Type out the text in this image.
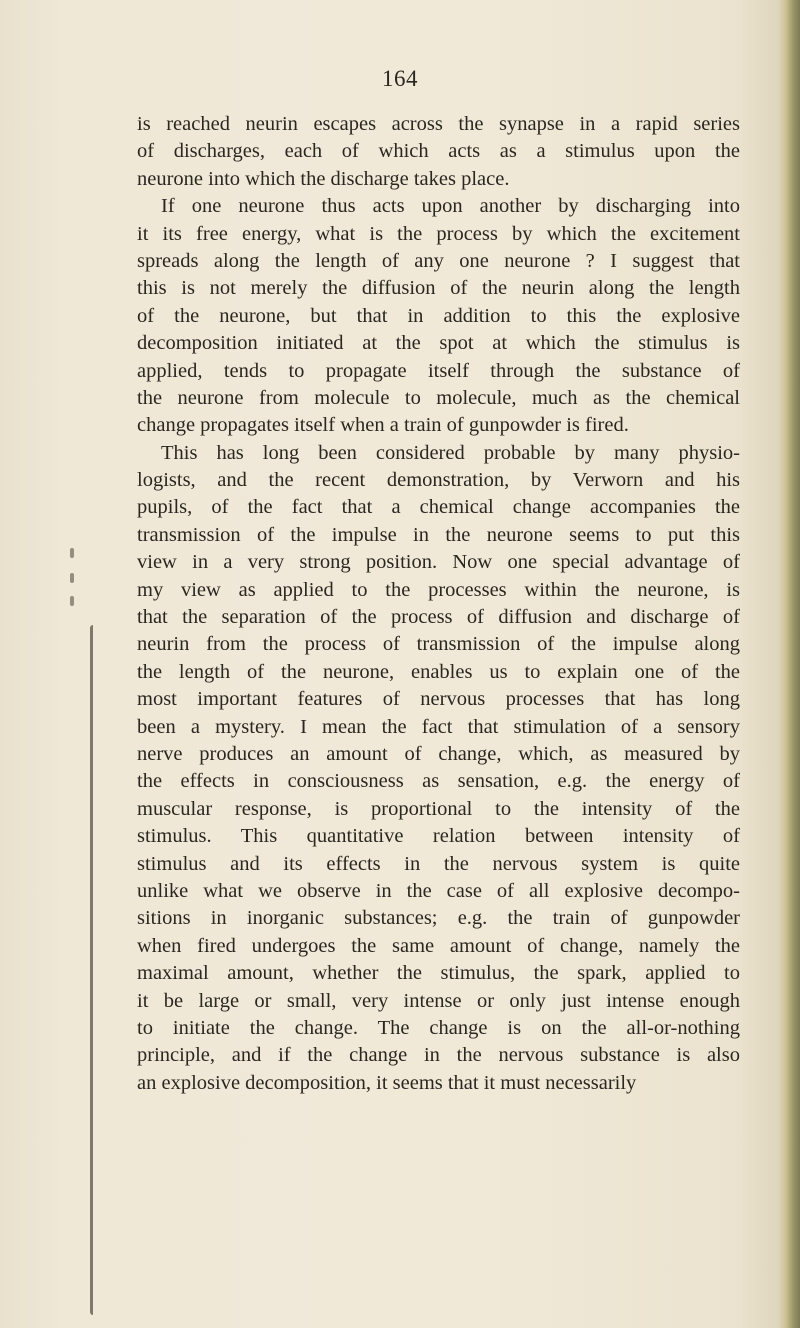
164
is reached neurin escapes across the synapse in a rapid series
of discharges, each of which acts as a stimulus upon the
neurone into which the discharge takes place.
If one neurone thus acts upon another by discharging into
it its free energy, what is the process by which the excitement
spreads along the length of any one neurone ? I suggest that
this is not merely the diffusion of the neurin along the length
of the neurone, but that in addition to this the explosive
decomposition initiated at the spot at which the stimulus is
applied, tends to propagate itself through the substance of
the neurone from molecule to molecule, much as the chemical
change propagates itself when a train of gunpowder is fired.
This has long been considered probable by many physio-
logists, and the recent demonstration, by Verworn and his
pupils, of the fact that a chemical change accompanies the
transmission of the impulse in the neurone seems to put this
view in a very strong position. Now one special advantage of
my view as applied to the processes within the neurone, is
that the separation of the process of diffusion and discharge of
neurin from the process of transmission of the impulse along
the length of the neurone, enables us to explain one of the
most important features of nervous processes that has long
been a mystery. I mean the fact that stimulation of a sensory
nerve produces an amount of change, which, as measured by
the effects in consciousness as sensation, e.g. the energy of
muscular response, is proportional to the intensity of the
stimulus. This quantitative relation between intensity of
stimulus and its effects in the nervous system is quite
unlike what we observe in the case of all explosive decompo-
sitions in inorganic substances; e.g. the train of gunpowder
when fired undergoes the same amount of change, namely the
maximal amount, whether the stimulus, the spark, applied to
it be large or small, very intense or only just intense enough
to initiate the change. The change is on the all-or-nothing
principle, and if the change in the nervous substance is also
an explosive decomposition, it seems that it must necessarily
